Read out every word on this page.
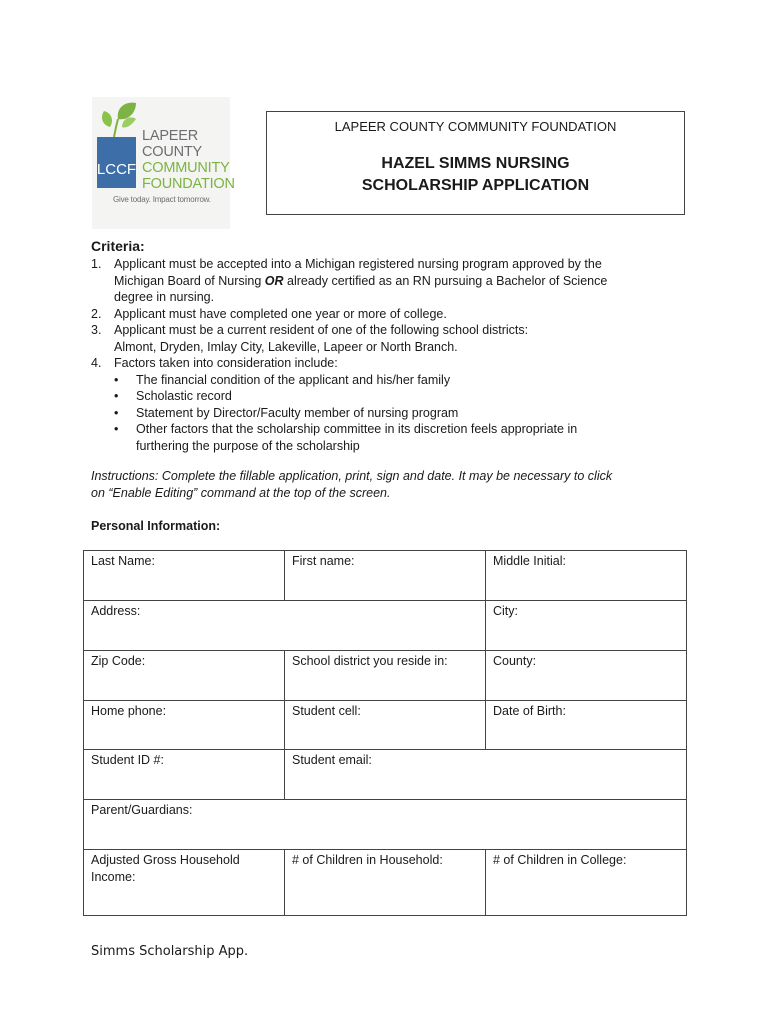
LCCF
LAPEER
COUNTY
COMMUNITY
FOUNDATION
Give today. Impact tomorrow.
LAPEER COUNTY COMMUNITY FOUNDATION
HAZEL SIMMS NURSING
SCHOLARSHIP APPLICATION
Criteria:
1. Applicant must be accepted into a Michigan registered nursing program approved by the
Michigan Board of Nursing OR already certified as an RN pursuing a Bachelor of Science
degree in nursing.
2. Applicant must have completed one year or more of college.
3. Applicant must be a current resident of one of the following school districts:
Almont, Dryden, Imlay City, Lakeville, Lapeer or North Branch.
4. Factors taken into consideration include:
• The financial condition of the applicant and his/her family
• Scholastic record
• Statement by Director/Faculty member of nursing program
• Other factors that the scholarship committee in its discretion feels appropriate in
furthering the purpose of the scholarship
Instructions: Complete the fillable application, print, sign and date. It may be necessary to click
on “Enable Editing” command at the top of the screen.
Personal Information:
Last Name:	First name:	Middle Initial:
Address:		City:
Zip Code:	School district you reside in:	County:
Home phone:	Student cell:	Date of Birth:
Student ID #:	Student email:	
Parent/Guardians:		

Adjusted Gross Household
Income:	# of Children in Household:	# of Children in College:
Simms Scholarship App.
